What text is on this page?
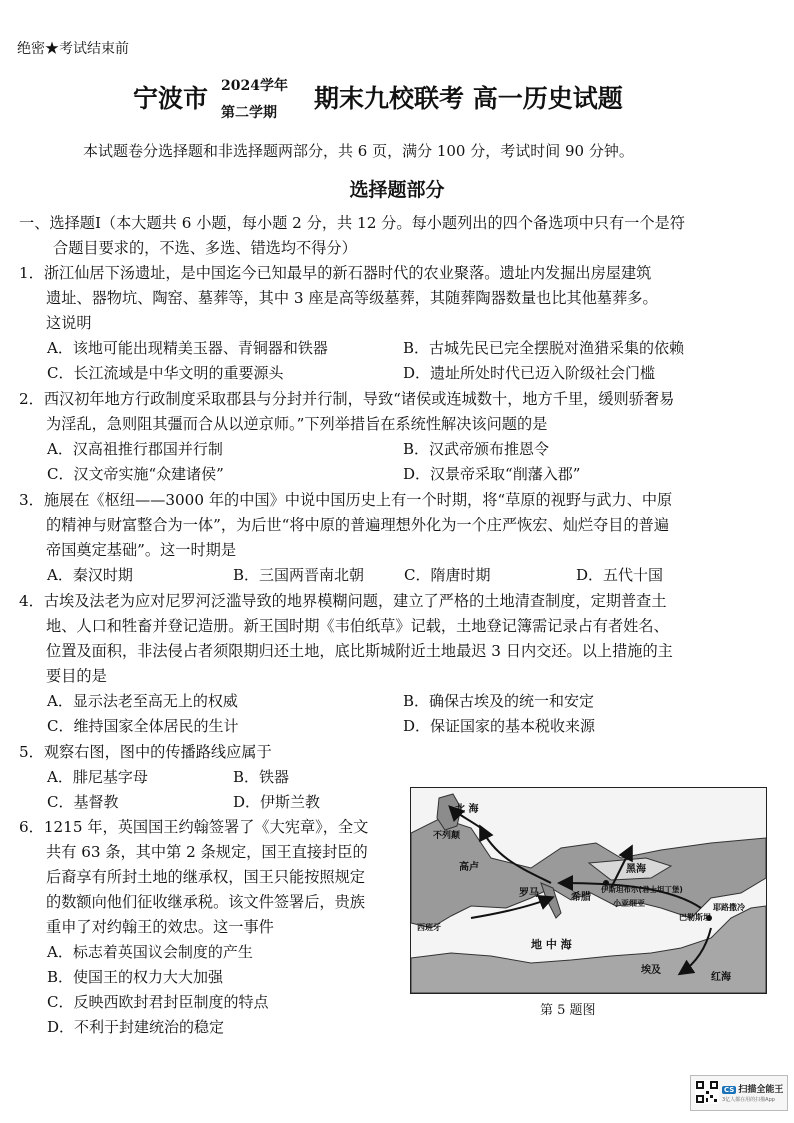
绝密★考试结束前
宁波市	期末九校联考 高一历史试题
2024学年
第二学期
本试题卷分选择题和非选择题两部分，共 6 页，满分 100 分，考试时间 90 分钟。
选择题部分
一、选择题Ⅰ（本大题共 6 小题，每小题 2 分，共 12 分。每小题列出的四个备选项中只有一个是符
合题目要求的，不选、多选、错选均不得分）
1．浙江仙居下汤遗址，是中国迄今已知最早的新石器时代的农业聚落。遗址内发掘出房屋建筑
遗址、器物坑、陶窑、墓葬等，其中 3 座是高等级墓葬，其随葬陶器数量也比其他墓葬多。
这说明
A．该地可能出现精美玉器、青铜器和铁器	B．古城先民已完全摆脱对渔猎采集的依赖
C．长江流域是中华文明的重要源头	D．遗址所处时代已迈入阶级社会门槛
2．西汉初年地方行政制度采取郡县与分封并行制，导致“诸侯或连城数十，地方千里，缓则骄奢易
为淫乱，急则阻其彊而合从以逆京师。”下列举措旨在系统性解决该问题的是
A．汉高祖推行郡国并行制	B．汉武帝颁布推恩令
C．汉文帝实施“众建诸侯”	D．汉景帝采取“削藩入郡”
3．施展在《枢纽——3000 年的中国》中说中国历史上有一个时期，将“草原的视野与武力、中原
的精神与财富整合为一体”，为后世“将中原的普遍理想外化为一个庄严恢宏、灿烂夺目的普遍
帝国奠定基础”。这一时期是
A．秦汉时期	B．三国两晋南北朝	C．隋唐时期	D．五代十国
4．古埃及法老为应对尼罗河泛滥导致的地界模糊问题，建立了严格的土地清查制度，定期普查土
地、人口和牲畜并登记造册。新王国时期《韦伯纸草》记载，土地登记簿需记录占有者姓名、
位置及面积，非法侵占者须限期归还土地，底比斯城附近土地最迟 3 日内交还。以上措施的主
要目的是
A．显示法老至高无上的权威	B．确保古埃及的统一和安定
C．维持国家全体居民的生计	D．保证国家的基本税收来源
5．观察右图，图中的传播路线应属于
A．腓尼基字母	B．铁器
C．基督教	D．伊斯兰教
6．1215 年，英国国王约翰签署了《大宪章》，全文
共有 63 条，其中第 2 条规定，国王直接封臣的
后裔享有所封土地的继承权，国王只能按照规定
的数额向他们征收继承税。该文件签署后，贵族
重申了对约翰王的效忠。这一事件
A．标志着英国议会制度的产生
B．使国王的权力大大加强
C．反映西欧封君封臣制度的特点
D．不利于封建统治的稳定
北 海
不列颠
高卢	黑海
罗马	希腊
伊斯坦布尔(君士坦丁堡)
小亚细亚
西班牙
巴勒斯坦
耶路撒冷
地 中 海
埃及
红海
第 5 题图
CS 扫描全能王
3亿人都在用的扫描App
